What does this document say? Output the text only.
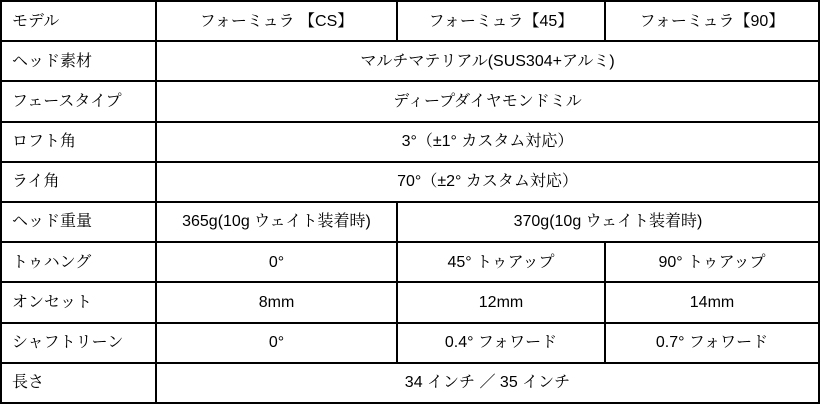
モデル	フォーミュラ 【CS】	フォーミュラ【45】	フォーミュラ【90】
ヘッド素材	マルチマテリアル(SUS304+アルミ)		
フェースタイプ	ディープダイヤモンドミル		
ロフト角	3°（±1° カスタム対応）		
ライ角	70°（±2° カスタム対応）		
ヘッド重量	365g(10g ウェイト装着時)	370g(10g ウェイト装着時)	
トゥハング	0°	45° トゥアップ	90° トゥアップ
オンセット	8mm	12mm	14mm
シャフトリーン	0°	0.4° フォワード	0.7° フォワード
長さ	34 インチ ／ 35 インチ		
